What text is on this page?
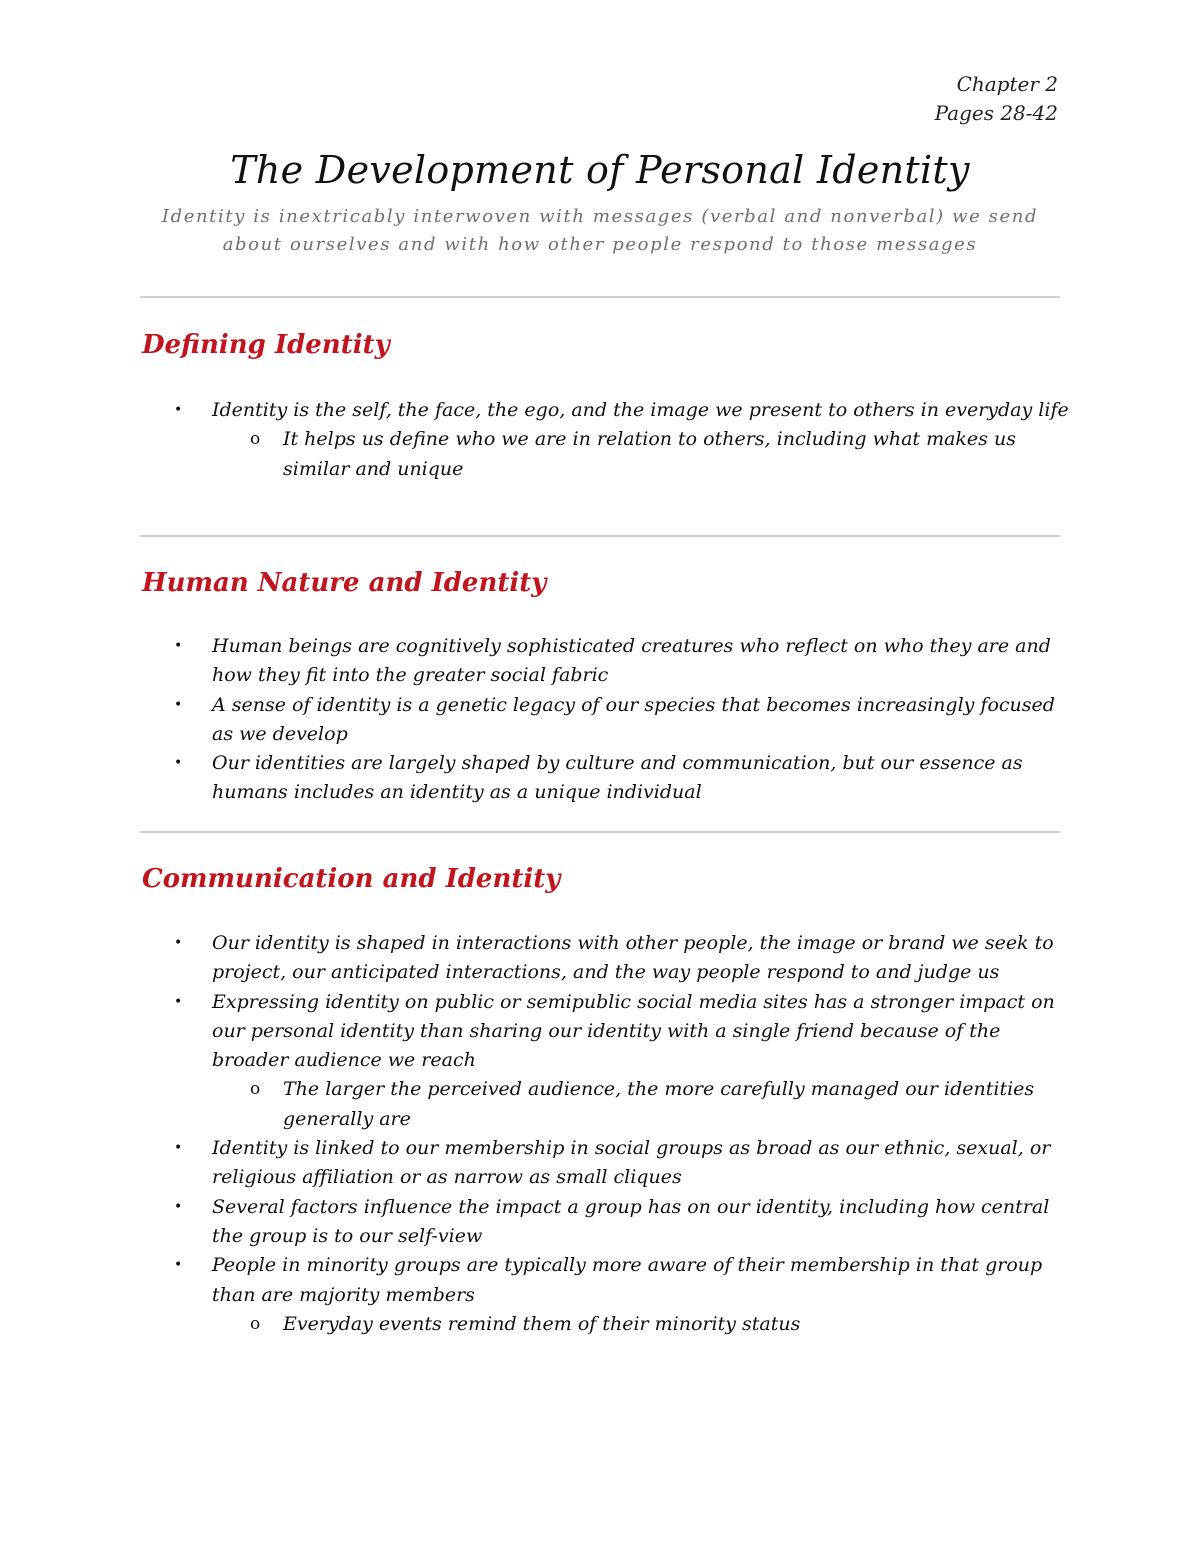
Chapter 2
Pages 28-42
The Development of Personal Identity
Identity is inextricably interwoven with messages (verbal and nonverbal) we send about ourselves and with how other people respond to those messages
Defining Identity
• Identity is the self, the face, the ego, and the image we present to others in everyday life
o It helps us define who we are in relation to others, including what makes us similar and unique
Human Nature and Identity
• Human beings are cognitively sophisticated creatures who reflect on who they are and how they fit into the greater social fabric
• A sense of identity is a genetic legacy of our species that becomes increasingly focused as we develop
• Our identities are largely shaped by culture and communication, but our essence as humans includes an identity as a unique individual
Communication and Identity
• Our identity is shaped in interactions with other people, the image or brand we seek to project, our anticipated interactions, and the way people respond to and judge us
• Expressing identity on public or semipublic social media sites has a stronger impact on our personal identity than sharing our identity with a single friend because of the broader audience we reach
o The larger the perceived audience, the more carefully managed our identities generally are
• Identity is linked to our membership in social groups as broad as our ethnic, sexual, or religious affiliation or as narrow as small cliques
• Several factors influence the impact a group has on our identity, including how central the group is to our self-view
• People in minority groups are typically more aware of their membership in that group than are majority members
o Everyday events remind them of their minority status
